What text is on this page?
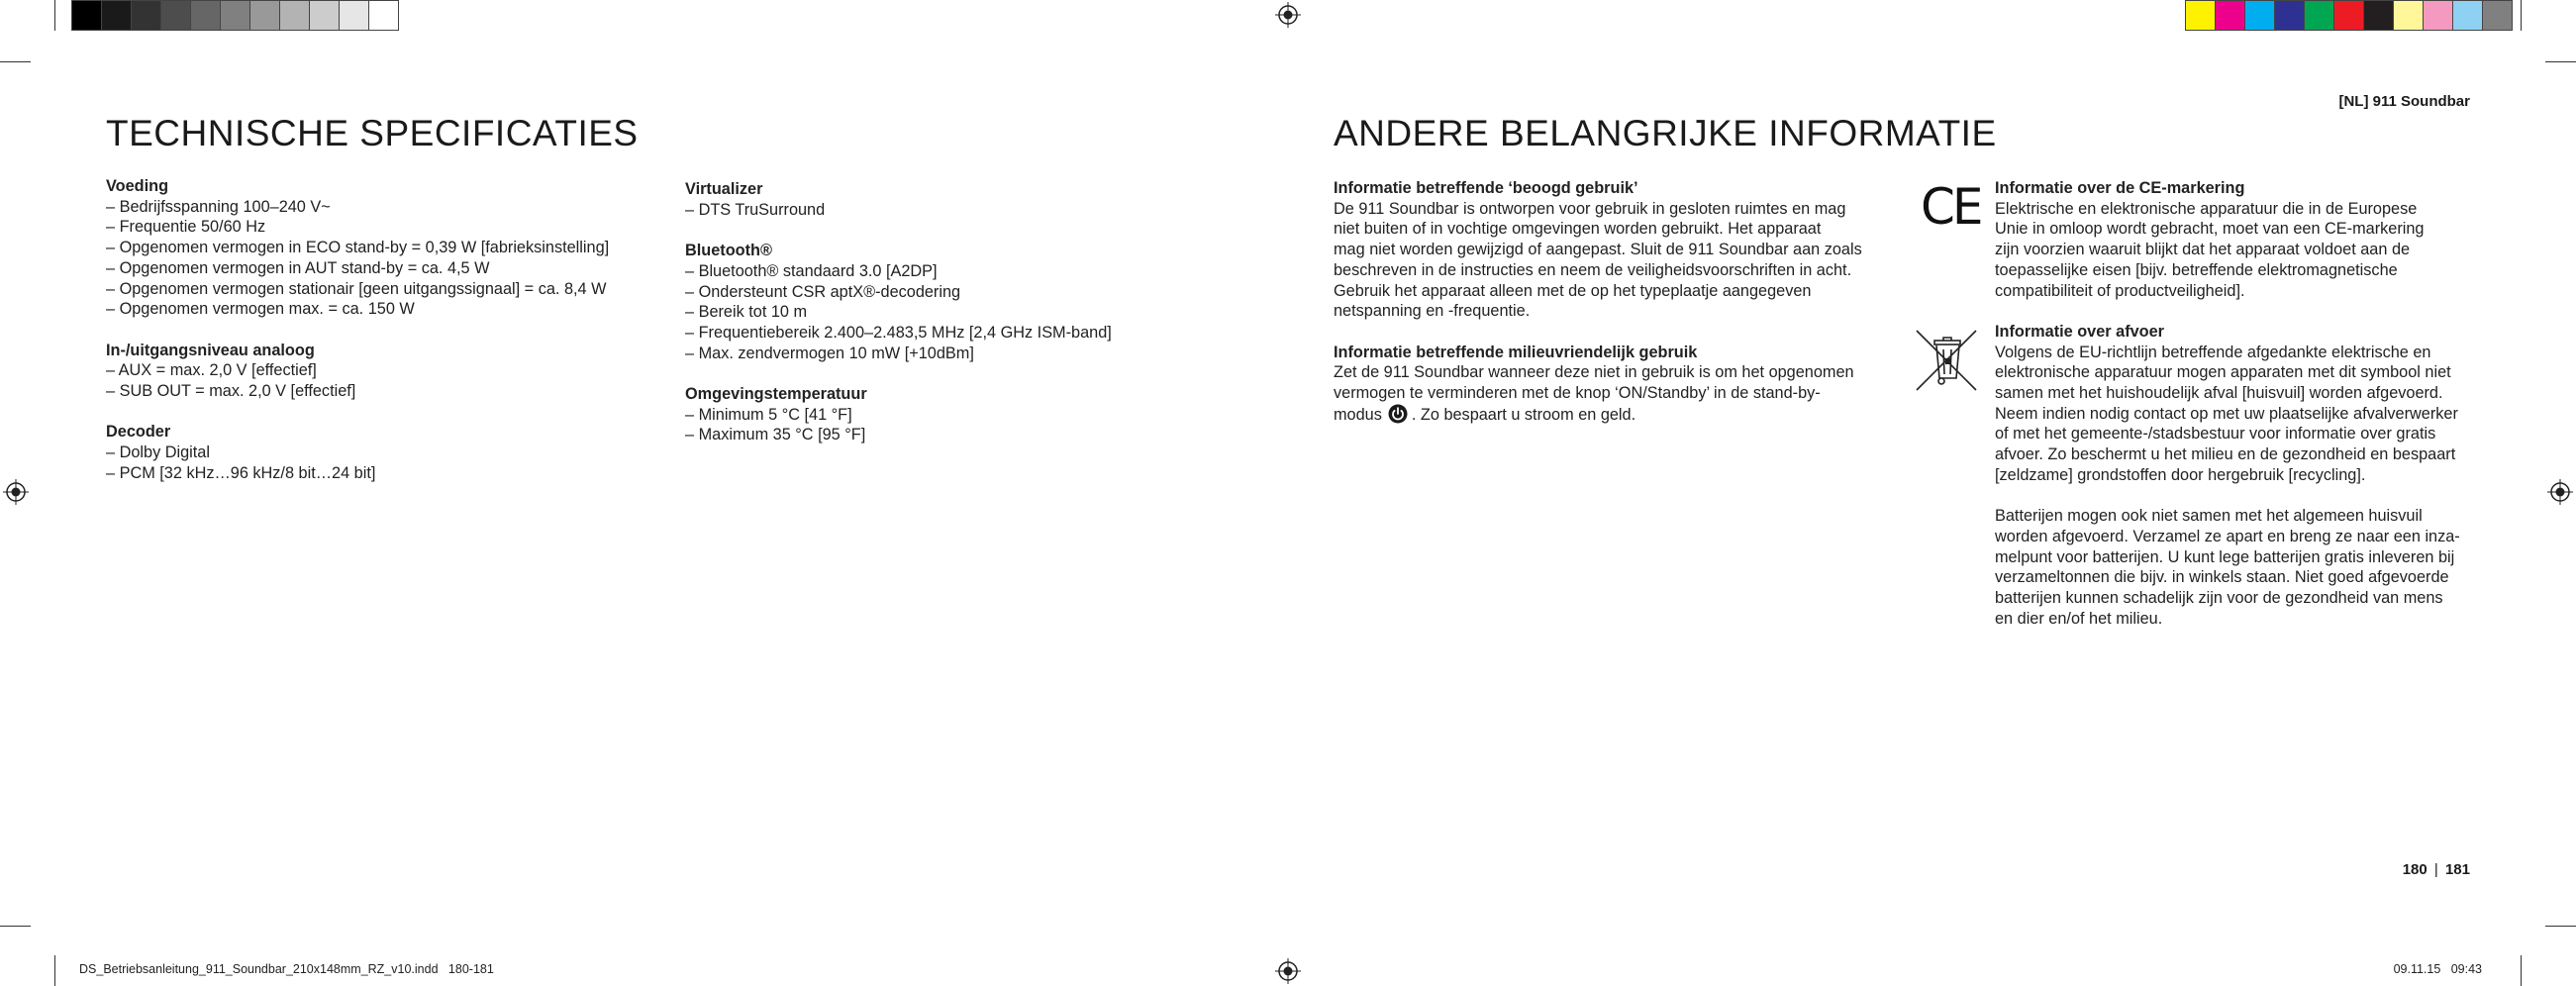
[NL] 911 Soundbar
TECHNISCHE SPECIFICATIES
Voeding
– Bedrijfsspanning 100–240 V~
– Frequentie 50/60 Hz
– Opgenomen vermogen in ECO stand-by = 0,39 W [fabrieksinstelling]
– Opgenomen vermogen in AUT stand-by = ca. 4,5 W
– Opgenomen vermogen stationair [geen uitgangssignaal] = ca. 8,4 W
– Opgenomen vermogen max. = ca. 150 W
In-/uitgangsniveau analoog
– AUX = max. 2,0 V [effectief]
– SUB OUT = max. 2,0 V [effectief]
Decoder
– Dolby Digital
– PCM [32 kHz…96 kHz/8 bit…24 bit]
Virtualizer
– DTS TruSurround
Bluetooth®
– Bluetooth® standaard 3.0 [A2DP]
– Ondersteunt CSR aptX®-decodering
– Bereik tot 10 m
– Frequentiebereik 2.400–2.483,5 MHz [2,4 GHz ISM-band]
– Max. zendvermogen 10 mW [+10dBm]
Omgevingstemperatuur
– Minimum 5 °C [41 °F]
– Maximum 35 °C [95 °F]
ANDERE BELANGRIJKE INFORMATIE
Informatie betreffende ‘beoogd gebruik’
De 911 Soundbar is ontworpen voor gebruik in gesloten ruimtes en mag
niet buiten of in vochtige omgevingen worden gebruikt. Het apparaat
mag niet worden gewijzigd of aangepast. Sluit de 911 Soundbar aan zoals
beschreven in de instructies en neem de veiligheidsvoorschriften in acht.
Gebruik het apparaat alleen met de op het typeplaatje aangegeven
netspanning en -frequentie.
Informatie betreffende milieuvriendelijk gebruik
Zet de 911 Soundbar wanneer deze niet in gebruik is om het opgenomen
vermogen te verminderen met de knop ‘ON/Standby’ in de stand-by-
modus . Zo bespaart u stroom en geld.
CE Informatie over de CE-markering
Elektrische en elektronische apparatuur die in de Europese
Unie in omloop wordt gebracht, moet van een CE-markering
zijn voorzien waaruit blijkt dat het apparaat voldoet aan de
toepasselijke eisen [bijv. betreffende elektromagnetische
compatibiliteit of productveiligheid].
Informatie over afvoer
Volgens de EU-richtlijn betreffende afgedankte elektrische en
elektronische apparatuur mogen apparaten met dit symbool niet
samen met het huishoudelijk afval [huisvuil] worden afgevoerd.
Neem indien nodig contact op met uw plaatselijke afvalverwerker
of met het gemeente-/stadsbestuur voor informatie over gratis
afvoer. Zo beschermt u het milieu en de gezondheid en bespaart
[zeldzame] grondstoffen door hergebruik [recycling].
Batterijen mogen ook niet samen met het algemeen huisvuil
worden afgevoerd. Verzamel ze apart en breng ze naar een inza-
melpunt voor batterijen. U kunt lege batterijen gratis inleveren bij
verzameltonnen die bijv. in winkels staan. Niet goed afgevoerde
batterijen kunnen schadelijk zijn voor de gezondheid van mens
en dier en/of het milieu.
180 | 181
DS_Betriebsanleitung_911_Soundbar_210x148mm_RZ_v10.indd   180-181	09.11.15   09:43
